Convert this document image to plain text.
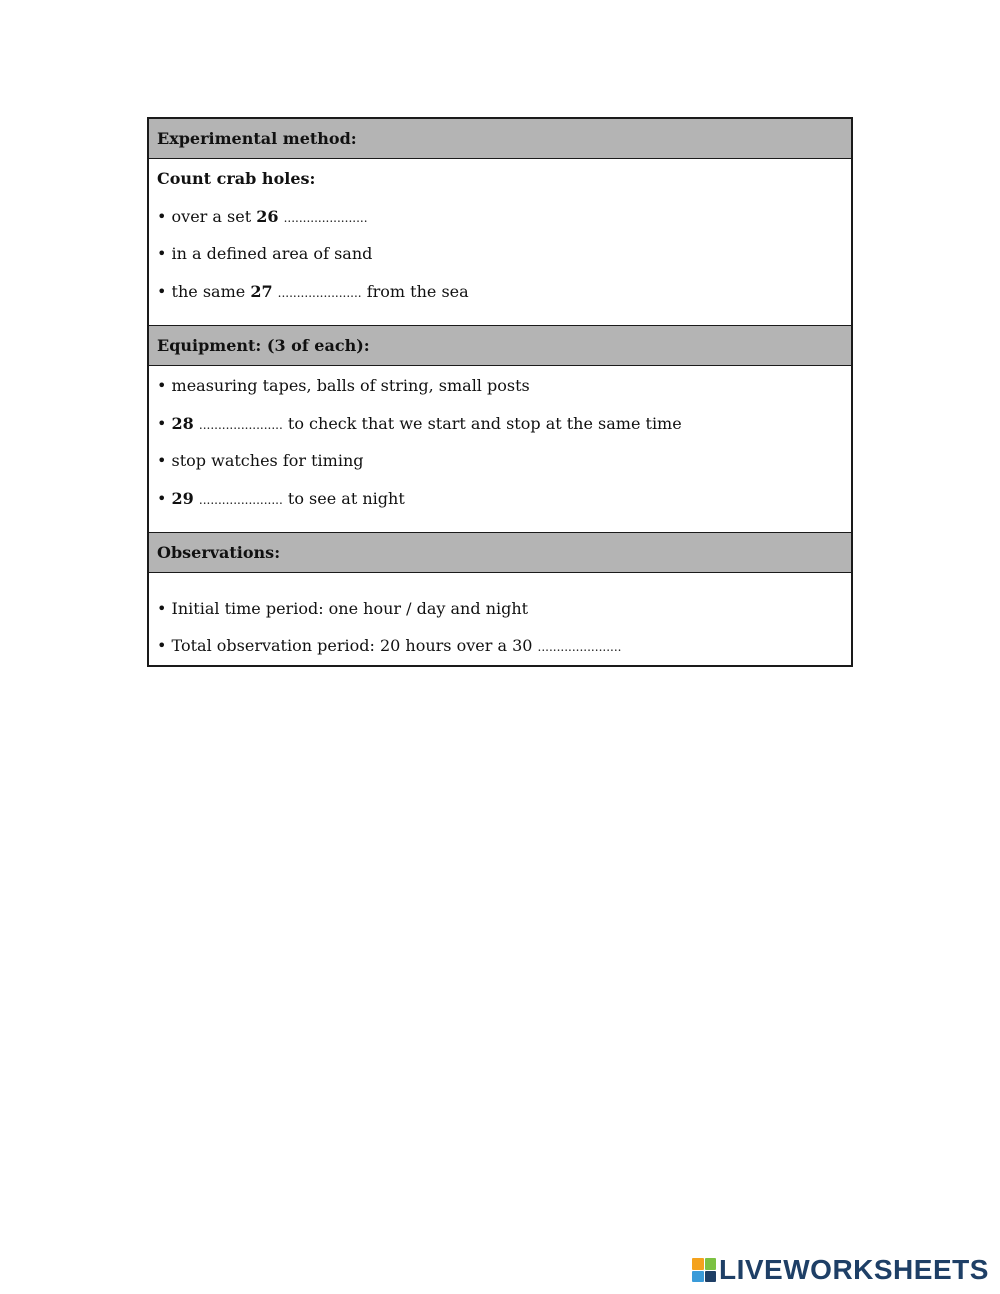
Experimental method:
Count crab holes:
• over a set 26 ......................
• in a defined area of sand
• the same 27 ...................... from the sea
Equipment: (3 of each):
• measuring tapes, balls of string, small posts
• 28 ...................... to check that we start and stop at the same time
• stop watches for timing
• 29 ...................... to see at night
Observations:
• Initial time period: one hour / day and night
• Total observation period: 20 hours over a 30 ......................
LIVEWORKSHEETS
